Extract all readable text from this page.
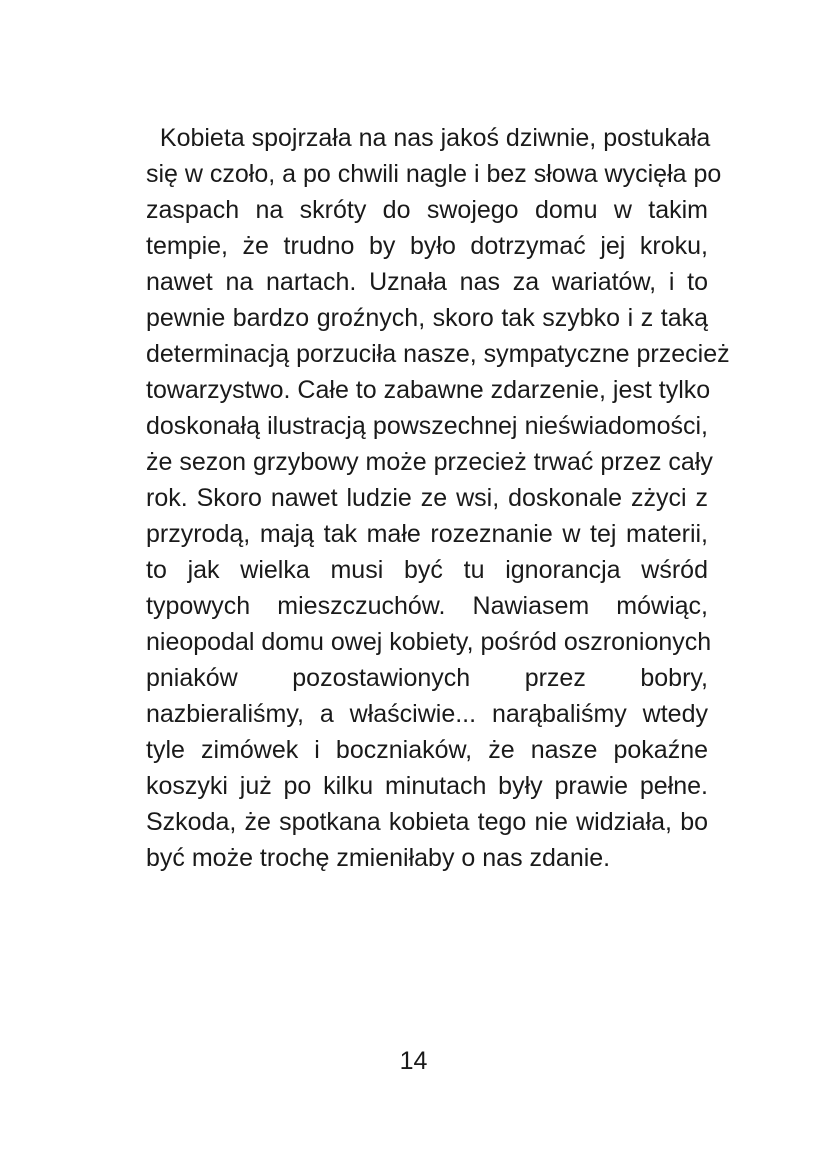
Kobieta spojrzała na nas jakoś dziwnie, postukała
się w czoło, a po chwili nagle i bez słowa wycięła po
zaspach na skróty do swojego domu w takim
tempie, że trudno by było dotrzymać jej kroku,
nawet na nartach. Uznała nas za wariatów, i to
pewnie bardzo groźnych, skoro tak szybko i z taką
determinacją porzuciła nasze, sympatyczne przecież
towarzystwo. Całe to zabawne zdarzenie, jest tylko
doskonałą ilustracją powszechnej nieświadomości,
że sezon grzybowy może przecież trwać przez cały
rok. Skoro nawet ludzie ze wsi, doskonale zżyci z
przyrodą, mają tak małe rozeznanie w tej materii,
to jak wielka musi być tu ignorancja wśród
typowych mieszczuchów. Nawiasem mówiąc,
nieopodal domu owej kobiety, pośród oszronionych
pniaków pozostawionych przez bobry,
nazbieraliśmy, a właściwie... narąbaliśmy wtedy
tyle zimówek i boczniaków, że nasze pokaźne
koszyki już po kilku minutach były prawie pełne.
Szkoda, że spotkana kobieta tego nie widziała, bo
być może trochę zmieniłaby o nas zdanie.
14
